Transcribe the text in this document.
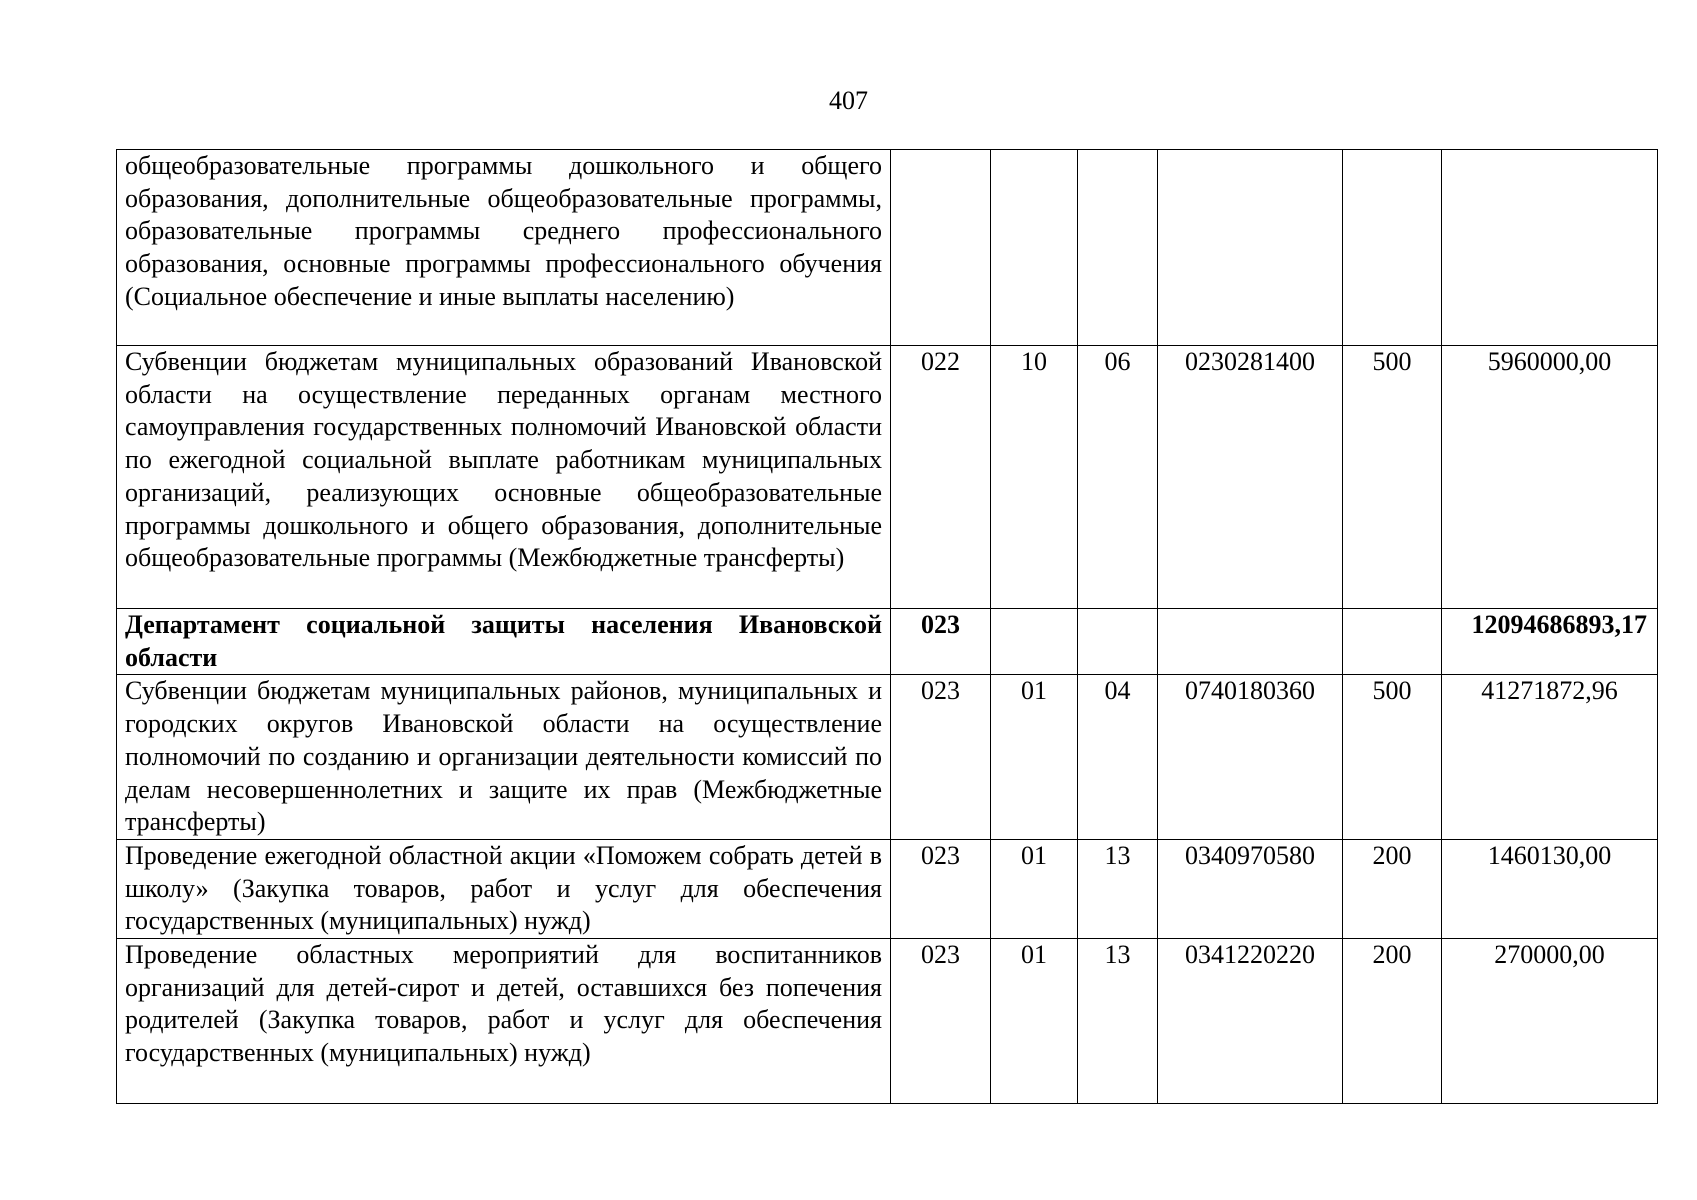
407
общеобразовательные программы дошкольного и общего образования, дополнительные общеобразовательные программы, образовательные программы среднего профессионального образования, основные программы профессионального обучения (Социальное обеспечение и иные выплаты населению)						
Субвенции бюджетам муниципальных образований Ивановской области на осуществление переданных органам местного самоуправления государственных полномочий Ивановской области по ежегодной социальной выплате работникам муниципальных организаций, реализующих основные общеобразовательные программы дошкольного и общего образования, дополнительные общеобразовательные программы (Межбюджетные трансферты)	022	10	06	0230281400	500	5960000,00
Департамент социальной защиты населения Ивановской области	023					12094686893,17
Субвенции бюджетам муниципальных районов, муниципальных и городских округов Ивановской области на осуществление полномочий по созданию и организации деятельности комиссий по делам несовершеннолетних и защите их прав (Межбюджетные трансферты)	023	01	04	0740180360	500	41271872,96
Проведение ежегодной областной акции «Поможем собрать детей в школу» (Закупка товаров, работ и услуг для обеспечения государственных (муниципальных) нужд)	023	01	13	0340970580	200	1460130,00
Проведение областных мероприятий для воспитанников организаций для детей-сирот и детей, оставшихся без попечения родителей (Закупка товаров, работ и услуг для обеспечения государственных (муниципальных) нужд)	023	01	13	0341220220	200	270000,00
